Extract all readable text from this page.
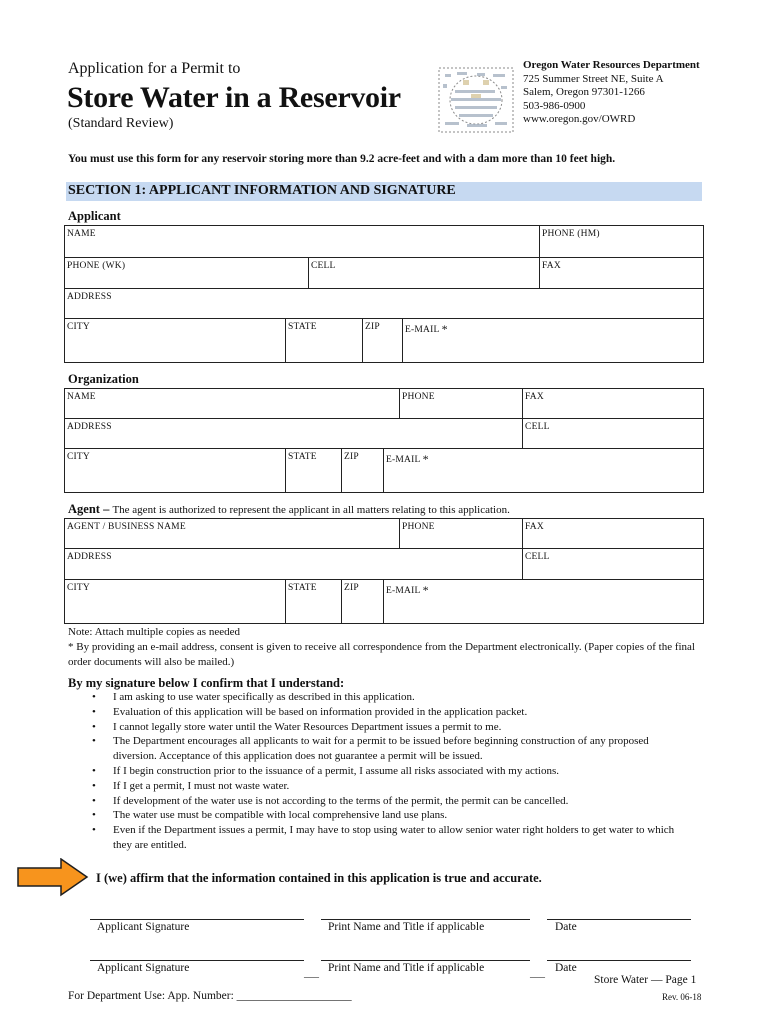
Application for a Permit to
Store Water in a Reservoir
(Standard Review)
Oregon Water Resources Department
725 Summer Street NE, Suite A
Salem, Oregon 97301-1266
503-986-0900
www.oregon.gov/OWRD
You must use this form for any reservoir storing more than 9.2 acre-feet and with a dam more than 10 feet high.
SECTION 1: APPLICANT INFORMATION AND SIGNATURE
Applicant
NAME					PHONE (HM)
PHONE (WK)		CELL			FAX
ADDRESS					
CITY	STATE		ZIP	E-MAIL *	
Organization
NAME				PHONE	FAX
ADDRESS					CELL
CITY	STATE	ZIP	E-MAIL *		
Agent – The agent is authorized to represent the applicant in all matters relating to this application.
AGENT / BUSINESS NAME				PHONE	FAX
ADDRESS					CELL
CITY	STATE	ZIP	E-MAIL *		
Note: Attach multiple copies as needed
* By providing an e-mail address, consent is given to receive all correspondence from the Department electronically. (Paper copies of the final order documents will also be mailed.)
By my signature below I confirm that I understand:
• I am asking to use water specifically as described in this application.
• Evaluation of this application will be based on information provided in the application packet.
• I cannot legally store water until the Water Resources Department issues a permit to me.
• The Department encourages all applicants to wait for a permit to be issued before beginning construction of any proposed diversion. Acceptance of this application does not guarantee a permit will be issued.
• If I begin construction prior to the issuance of a permit, I assume all risks associated with my actions.
• If I get a permit, I must not waste water.
• If development of the water use is not according to the terms of the permit, the permit can be cancelled.
• The water use must be compatible with local comprehensive land use plans.
• Even if the Department issues a permit, I may have to stop using water to allow senior water right holders to get water to which they are entitled.
I (we) affirm that the information contained in this application is true and accurate.
Applicant Signature	Print Name and Title if applicable	Date
Applicant Signature	___ Print Name and Title if applicable	___ Date
For Department Use: App. Number: ____________________
Store Water — Page 1
Rev. 06-18
